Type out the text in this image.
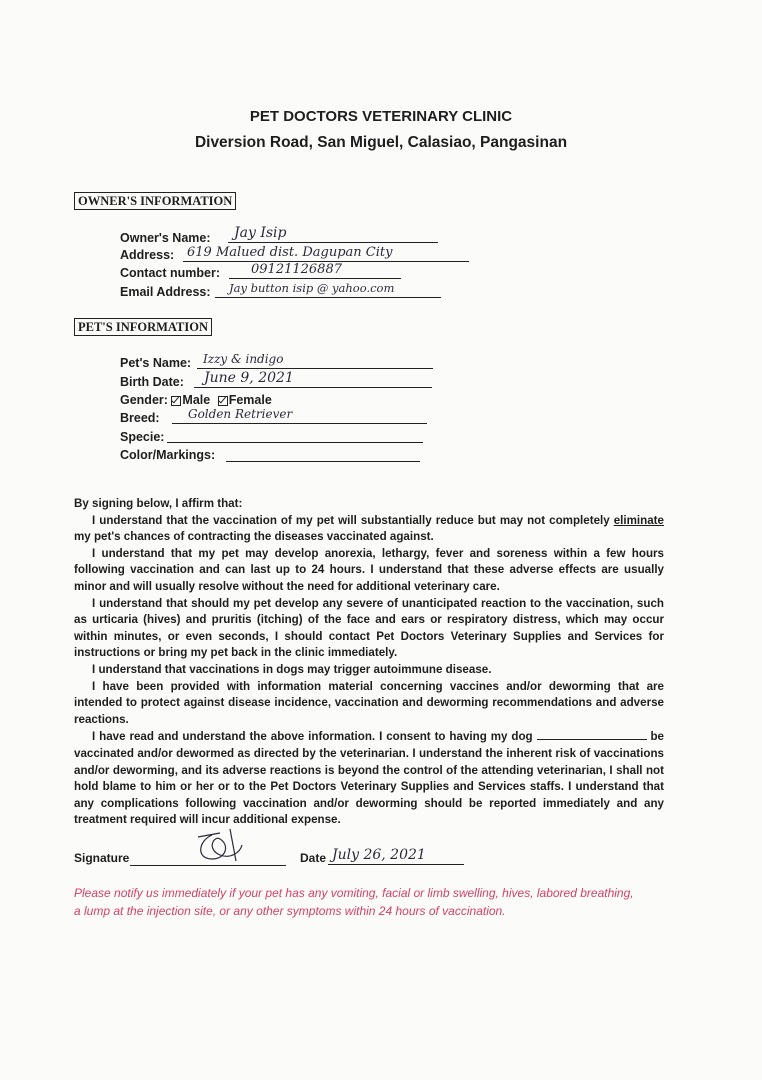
PET DOCTORS VETERINARY CLINIC
Diversion Road, San Miguel, Calasiao, Pangasinan
OWNER'S INFORMATION
Owner's Name:	Jay Isip
Address: 619 Malued dist. Dagupan City
Contact number:	09121126887
Email Address:	Jay button isip @ yahoo.com
PET'S INFORMATION
Pet's Name: Izzy & indigo
Birth Date:	June 9, 2021
Gender: Male Female
Breed:	Golden Retriever
Specie:
Color/Markings:
By signing below, I affirm that:
I understand that the vaccination of my pet will substantially reduce but may not completely eliminate my pet's chances of contracting the diseases vaccinated against.
I understand that my pet may develop anorexia, lethargy, fever and soreness within a few hours following vaccination and can last up to 24 hours. I understand that these adverse effects are usually minor and will usually resolve without the need for additional veterinary care.
I understand that should my pet develop any severe of unanticipated reaction to the vaccination, such as urticaria (hives) and pruritis (itching) of the face and ears or respiratory distress, which may occur within minutes, or even seconds, I should contact Pet Doctors Veterinary Supplies and Services for instructions or bring my pet back in the clinic immediately.
I understand that vaccinations in dogs may trigger autoimmune disease.
I have been provided with information material concerning vaccines and/or deworming that are intended to protect against disease incidence, vaccination and deworming recommendations and adverse reactions.
I have read and understand the above information. I consent to having my dog	be vaccinated and/or dewormed as directed by the veterinarian. I understand the inherent risk of vaccinations and/or deworming, and its adverse reactions is beyond the control of the attending veterinarian, I shall not hold blame to him or her or to the Pet Doctors Veterinary Supplies and Services staffs. I understand that any complications following vaccination and/or deworming should be reported immediately and any treatment required will incur additional expense.
Signature	Date July 26, 2021
Please notify us immediately if your pet has any vomiting, facial or limb swelling, hives, labored breathing, a lump at the injection site, or any other symptoms within 24 hours of vaccination.
